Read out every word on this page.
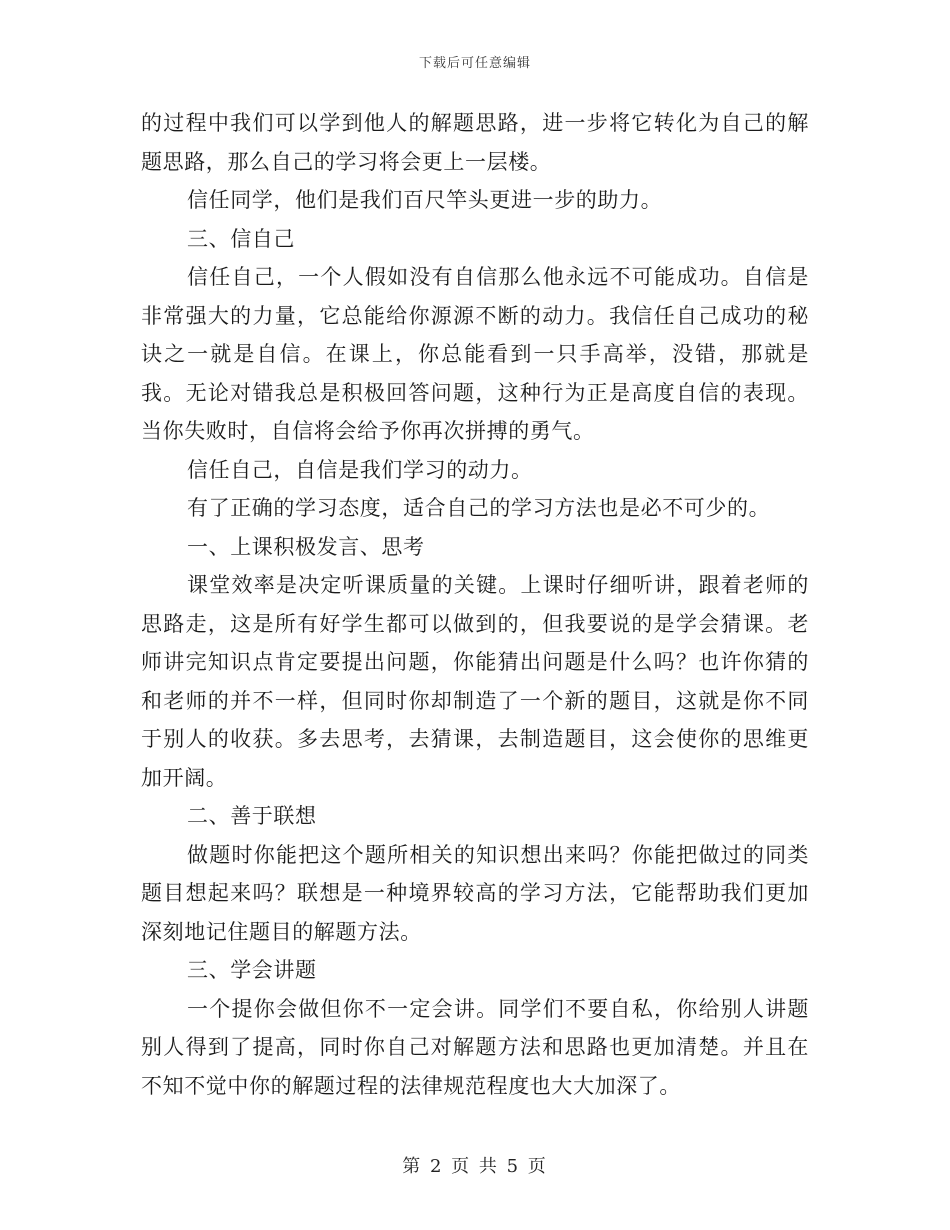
下载后可任意编辑

的过程中我们可以学到他人的解题思路，进一步将它转化为自己的解题思路，那么自己的学习将会更上一层楼。

信任同学，他们是我们百尺竿头更进一步的助力。

三、信自己

信任自己，一个人假如没有自信那么他永远不可能成功。自信是非常强大的力量，它总能给你源源不断的动力。我信任自己成功的秘诀之一就是自信。在课上，你总能看到一只手高举，没错，那就是我。无论对错我总是积极回答问题，这种行为正是高度自信的表现。当你失败时，自信将会给予你再次拼搏的勇气。

信任自己，自信是我们学习的动力。

有了正确的学习态度，适合自己的学习方法也是必不可少的。

一、上课积极发言、思考

课堂效率是决定听课质量的关键。上课时仔细听讲，跟着老师的思路走，这是所有好学生都可以做到的，但我要说的是学会猜课。老师讲完知识点肯定要提出问题，你能猜出问题是什么吗？也许你猜的和老师的并不一样，但同时你却制造了一个新的题目，这就是你不同于别人的收获。多去思考，去猜课，去制造题目，这会使你的思维更加开阔。

二、善于联想

做题时你能把这个题所相关的知识想出来吗？你能把做过的同类题目想起来吗？联想是一种境界较高的学习方法，它能帮助我们更加深刻地记住题目的解题方法。

三、学会讲题

一个提你会做但你不一定会讲。同学们不要自私，你给别人讲题别人得到了提高，同时你自己对解题方法和思路也更加清楚。并且在不知不觉中你的解题过程的法律规范程度也大大加深了。

第 2 页 共 5 页
